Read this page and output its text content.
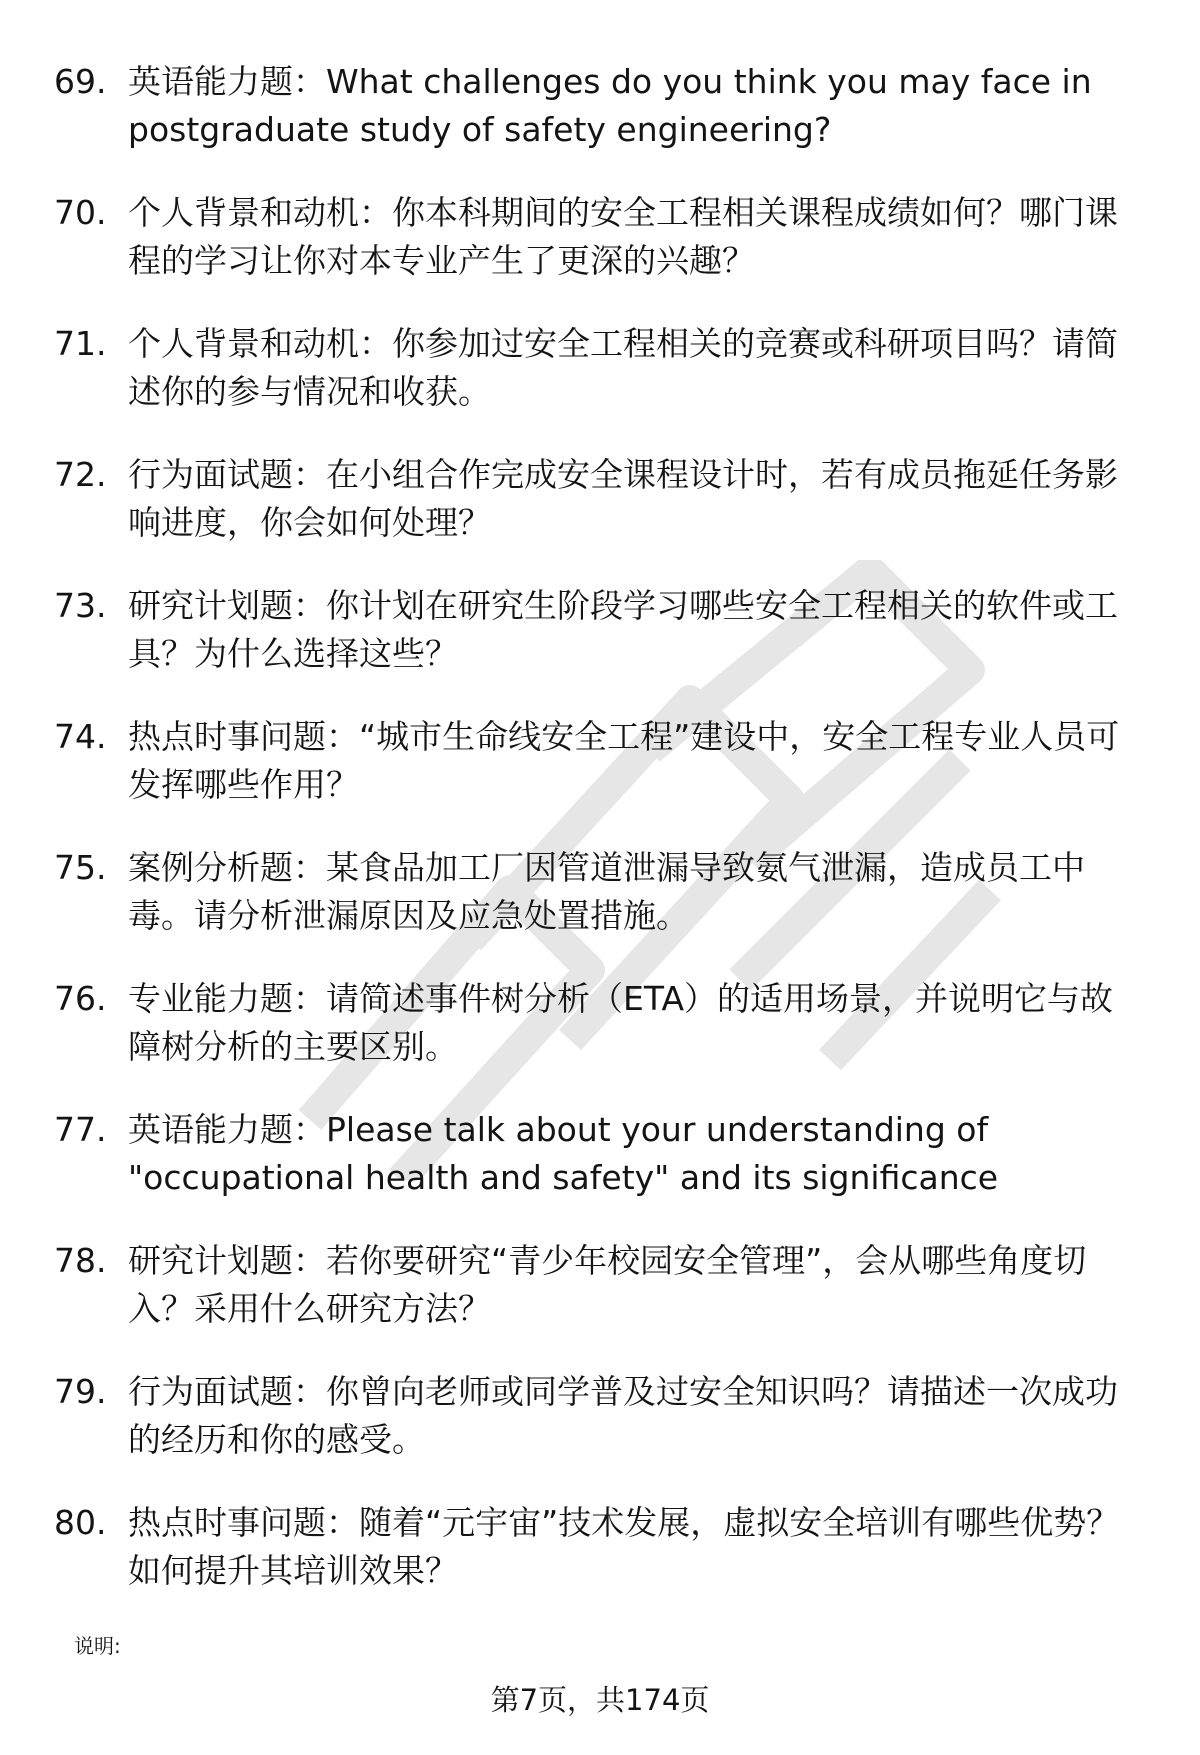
69. 英语能力题 ： What challenges do you think you may face in postgraduate study of safety engineering?
70. 个人背景和动机 ： 你本科期间的安全工程相关课程成绩如何？哪门课程的学习让你对本专业产生了更深的兴趣？
71. 个人背景和动机 ： 你参加过安全工程相关的竞赛或科研项目吗？请简述你的参与情况和收获。
72. 行为面试题 ： 在小组合作完成安全课程设计时，若有成员拖延任务影响进度，你会如何处理？
73. 研究计划题 ： 你计划在研究生阶段学习哪些安全工程相关的软件或工具？为什么选择这些？
74. 热点时事问题 ： “城市生命线安全工程”建设中，安全工程专业人员可发挥哪些作用？
75. 案例分析题 ： 某食品加工厂因管道泄漏导致氨气泄漏，造成员工中毒。请分析泄漏原因及应急处置措施。
76. 专业能力题 ： 请简述事件树分析（ETA）的适用场景，并说明它与故障树分析的主要区别。
77. 英语能力题 ： Please talk about your understanding of "occupational health and safety" and its significance
78. 研究计划题 ： 若你要研究“青少年校园安全管理”，会从哪些角度切入？采用什么研究方法？
79. 行为面试题 ： 你曾向老师或同学普及过安全知识吗？请描述一次成功的经历和你的感受。
80. 热点时事问题 ： 随着“元宇宙”技术发展，虚拟安全培训有哪些优势？如何提升其培训效果？
说明:
第7页，共174页
